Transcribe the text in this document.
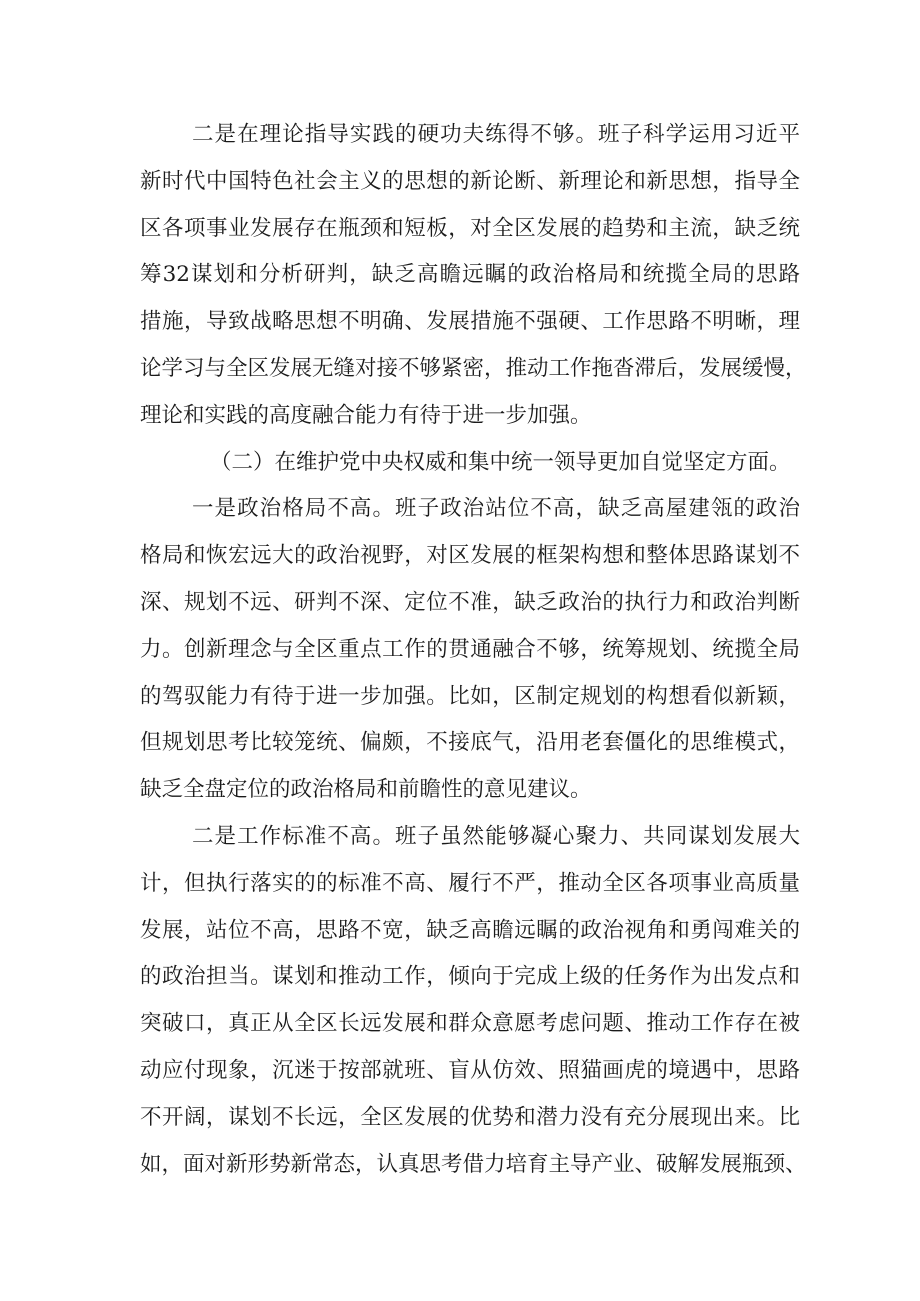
二是在理论指导实践的硬功夫练得不够。班子科学运用习近平
新时代中国特色社会主义的思想的新论断、新理论和新思想，指导全
区各项事业发展存在瓶颈和短板，对全区发展的趋势和主流，缺乏统
筹32谋划和分析研判，缺乏高瞻远瞩的政治格局和统揽全局的思路
措施，导致战略思想不明确、发展措施不强硬、工作思路不明晰，理
论学习与全区发展无缝对接不够紧密，推动工作拖沓滞后，发展缓慢，
理论和实践的高度融合能力有待于进一步加强。
（二）在维护党中央权威和集中统一领导更加自觉坚定方面。
一是政治格局不高。班子政治站位不高，缺乏高屋建瓴的政治
格局和恢宏远大的政治视野，对区发展的框架构想和整体思路谋划不
深、规划不远、研判不深、定位不准，缺乏政治的执行力和政治判断
力。创新理念与全区重点工作的贯通融合不够，统筹规划、统揽全局
的驾驭能力有待于进一步加强。比如，区制定规划的构想看似新颖，
但规划思考比较笼统、偏颇，不接底气，沿用老套僵化的思维模式，
缺乏全盘定位的政治格局和前瞻性的意见建议。
二是工作标准不高。班子虽然能够凝心聚力、共同谋划发展大
计，但执行落实的的标准不高、履行不严，推动全区各项事业高质量
发展，站位不高，思路不宽，缺乏高瞻远瞩的政治视角和勇闯难关的
的政治担当。谋划和推动工作，倾向于完成上级的任务作为出发点和
突破口，真正从全区长远发展和群众意愿考虑问题、推动工作存在被
动应付现象，沉迷于按部就班、盲从仿效、照猫画虎的境遇中，思路
不开阔，谋划不长远，全区发展的优势和潜力没有充分展现出来。比
如，面对新形势新常态，认真思考借力培育主导产业、破解发展瓶颈、
